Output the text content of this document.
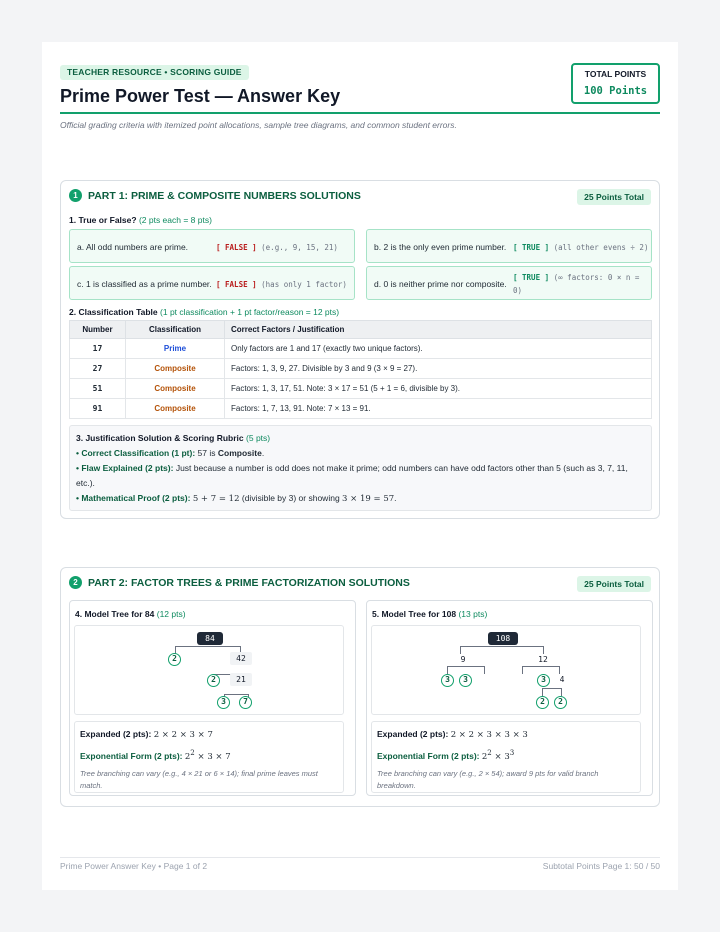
TEACHER RESOURCE • SCORING GUIDE
Prime Power Test — Answer Key
TOTAL POINTS
100 Points
Official grading criteria with itemized point allocations, sample tree diagrams, and common student errors.
1 PART 1: PRIME & COMPOSITE NUMBERS SOLUTIONS	25 Points Total
1. True or False? (2 pts each = 8 pts)
a. All odd numbers are prime.	[ FALSE ] (e.g., 9, 15, 21)	b. 2 is the only even prime number. [ TRUE ] (all other evens ÷ 2)
c. 1 is classified as a prime number. [ FALSE ] (has only 1 factor)	d. 0 is neither prime nor composite.
[ TRUE ] (∞ factors: 0 × n = 0)
2. Classification Table (1 pt classification + 1 pt factor/reason = 12 pts)
Number	Classification	Correct Factors / Justification
17	Prime	Only factors are 1 and 17 (exactly two unique factors).
27	Composite	Factors: 1, 3, 9, 27. Divisible by 3 and 9 (3 × 9 = 27).
51	Composite	Factors: 1, 3, 17, 51. Note: 3 × 17 = 51 (5 + 1 = 6, divisible by 3).
91	Composite	Factors: 1, 7, 13, 91. Note: 7 × 13 = 91.
3. Justification Solution & Scoring Rubric (5 pts)
• Correct Classification (1 pt): 57 is Composite.
• Flaw Explained (2 pts): Just because a number is odd does not make it prime; odd numbers can have odd factors other than 5 (such as 3, 7, 11, etc.).
• Mathematical Proof (2 pts): 5 + 7 = 12 (divisible by 3) or showing 3 × 19 = 57.
2 PART 2: FACTOR TREES & PRIME FACTORIZATION SOLUTIONS	25 Points Total
4. Model Tree for 84 (12 pts)
84
2	42
2	21
3	7
Expanded (2 pts): 2 × 2 × 3 × 7
Exponential Form (2 pts): $2^2 \times 3 \times 7$
Tree branching can vary (e.g., 4 × 21 or 6 × 14); final prime leaves must match.
5. Model Tree for 108 (13 pts)
108
9	12
3	3	3	4
2	2
Expanded (2 pts): 2 × 2 × 3 × 3 × 3
Exponential Form (2 pts): $2^2 \times 3^3$
Tree branching can vary (e.g., 2 × 54); award 9 pts for valid branch breakdown.
Prime Power Answer Key • Page 1 of 2	Subtotal Points Page 1: 50 / 50
